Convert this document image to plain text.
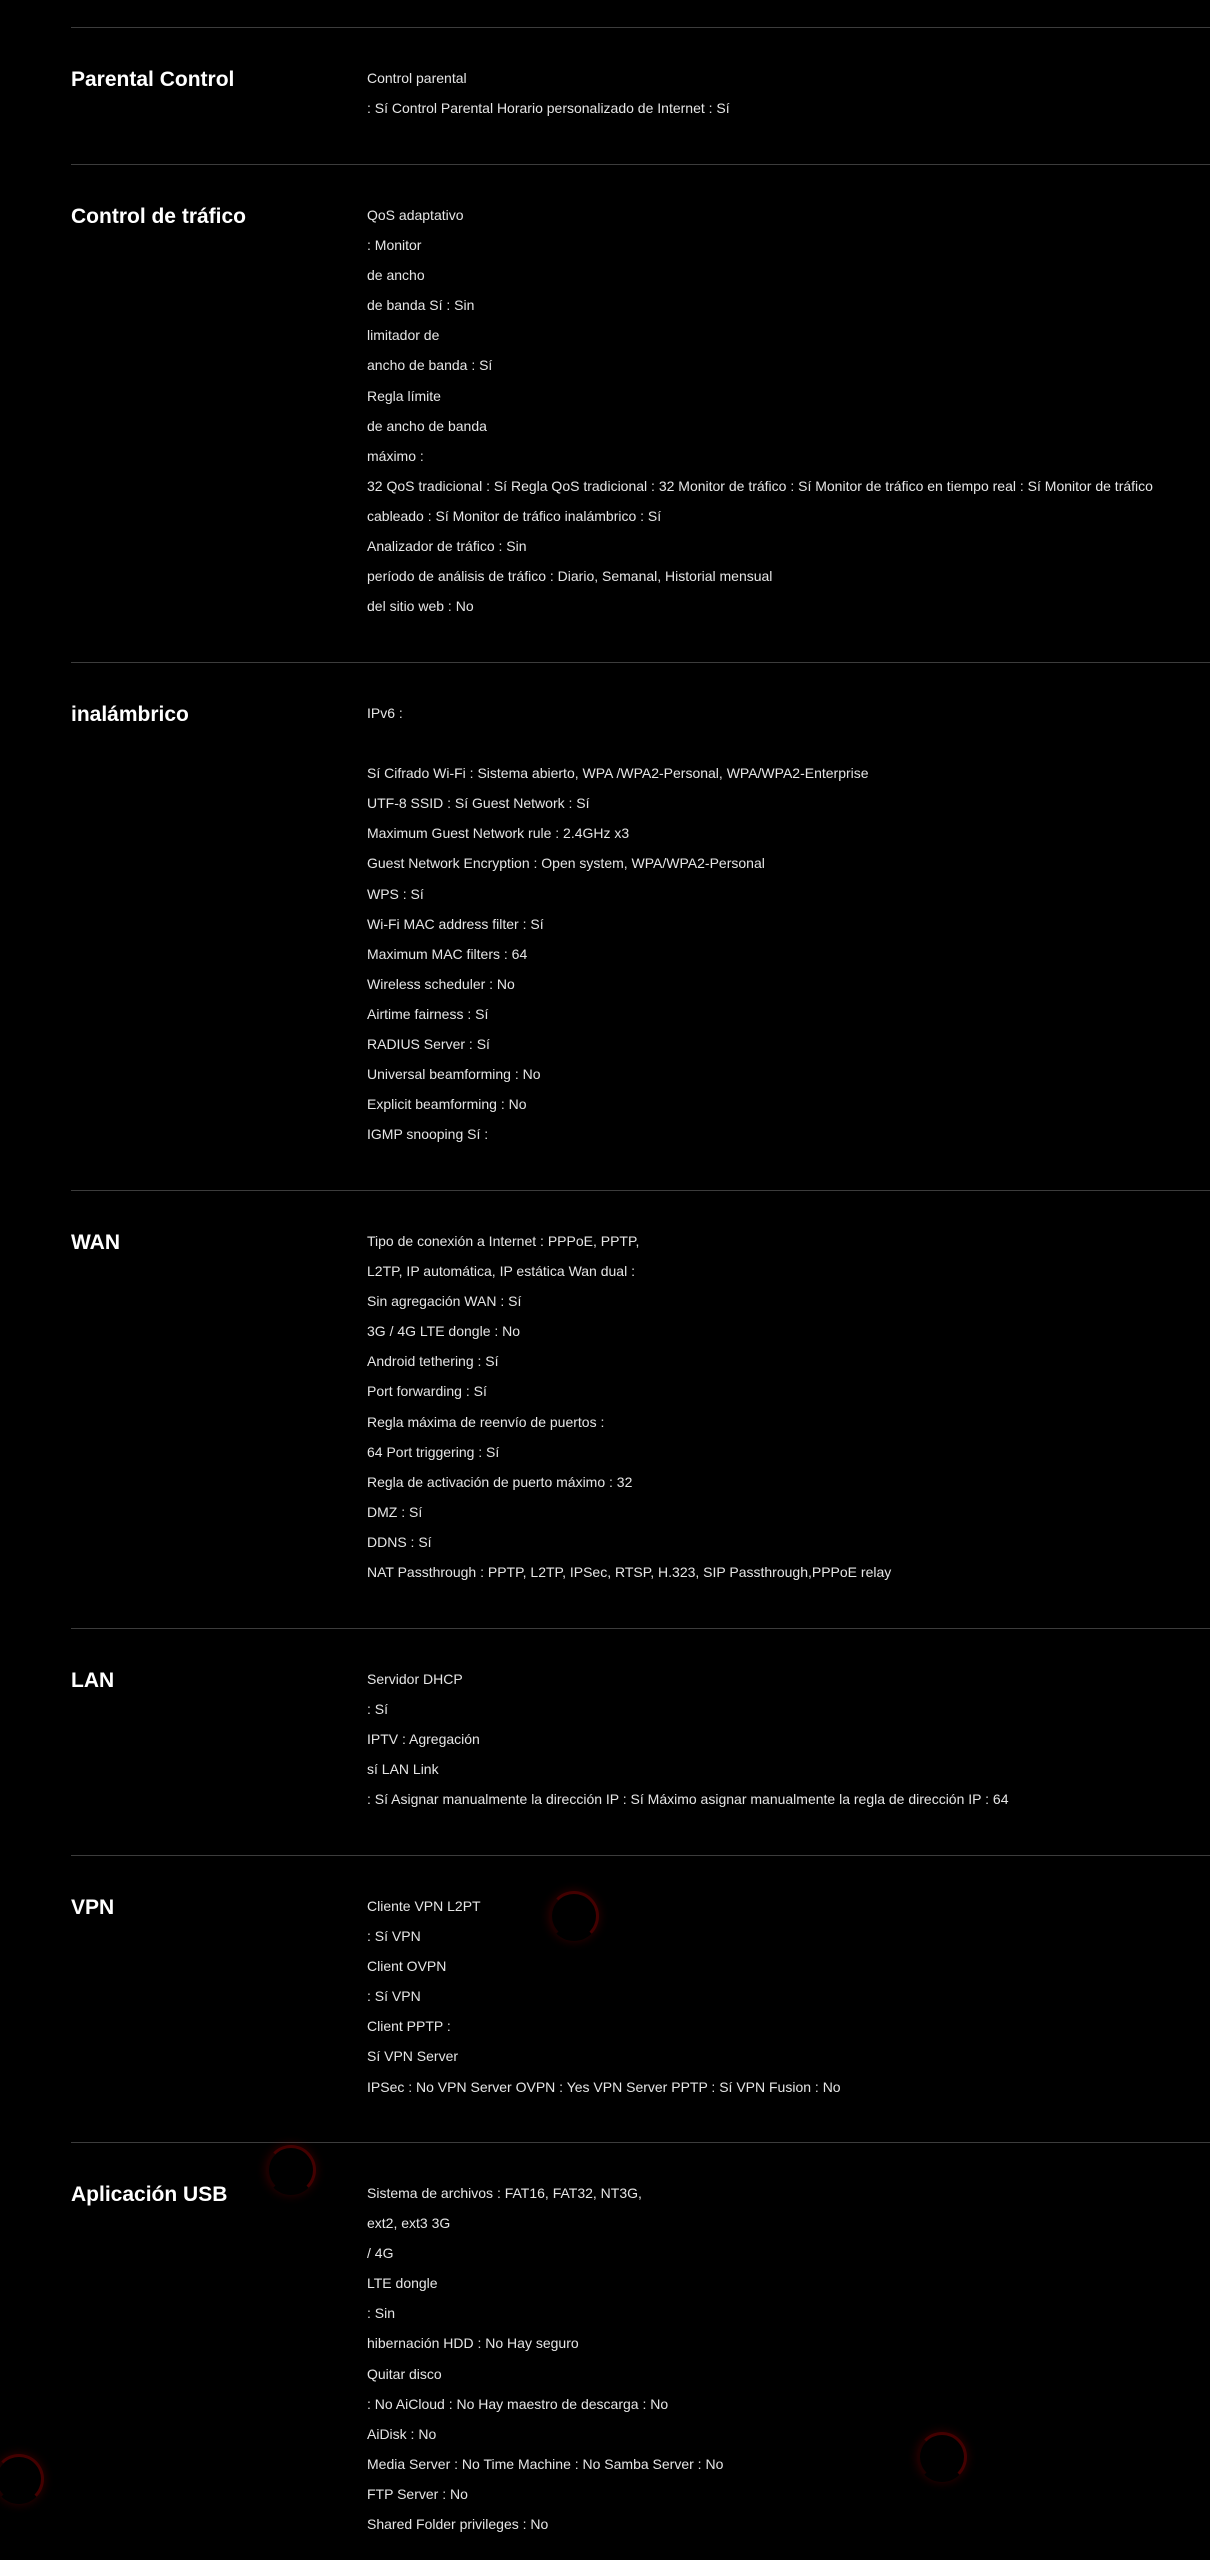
Parental Control	Control parental
: Sí Control Parental Horario personalizado de Internet : Sí
Control de tráfico	QoS adaptativo
: Monitor
de ancho
de banda Sí : Sin
limitador de
ancho de banda : Sí
Regla límite
de ancho de banda
máximo :
32 QoS tradicional : Sí Regla QoS tradicional : 32 Monitor de tráfico : Sí Monitor de tráfico en tiempo real : Sí Monitor de tráfico
cableado : Sí Monitor de tráfico inalámbrico : Sí
Analizador de tráfico : Sin
período de análisis de tráfico : Diario, Semanal, Historial mensual
del sitio web : No
inalámbrico	IPv6 :
Sí Cifrado Wi-Fi : Sistema abierto, WPA /WPA2-Personal, WPA/WPA2-Enterprise
UTF-8 SSID : Sí Guest Network : Sí
Maximum Guest Network rule : 2.4GHz x3
Guest Network Encryption : Open system, WPA/WPA2-Personal
WPS : Sí
Wi-Fi MAC address filter : Sí
Maximum MAC filters : 64
Wireless scheduler : No
Airtime fairness : Sí
RADIUS Server : Sí
Universal beamforming : No
Explicit beamforming : No
IGMP snooping Sí :
WAN	Tipo de conexión a Internet : PPPoE, PPTP,
L2TP, IP automática, IP estática Wan dual :
Sin agregación WAN : Sí
3G / 4G LTE dongle : No
Android tethering : Sí
Port forwarding : Sí
Regla máxima de reenvío de puertos :
64 Port triggering : Sí
Regla de activación de puerto máximo : 32
DMZ : Sí
DDNS : Sí
NAT Passthrough : PPTP, L2TP, IPSec, RTSP, H.323, SIP Passthrough,PPPoE relay
LAN	Servidor DHCP
: Sí
IPTV : Agregación
sí LAN Link
: Sí Asignar manualmente la dirección IP : Sí Máximo asignar manualmente la regla de dirección IP : 64
VPN	Cliente VPN L2PT
: Sí VPN
Client OVPN
: Sí VPN
Client PPTP :
Sí VPN Server
IPSec : No VPN Server OVPN : Yes VPN Server PPTP : Sí VPN Fusion : No
Aplicación USB	Sistema de archivos : FAT16, FAT32, NT3G,
ext2, ext3 3G
/ 4G
LTE dongle
: Sin
hibernación HDD : No Hay seguro
Quitar disco
: No AiCloud : No Hay maestro de descarga : No
AiDisk : No
Media Server : No Time Machine : No Samba Server : No
FTP Server : No
Shared Folder privileges : No
